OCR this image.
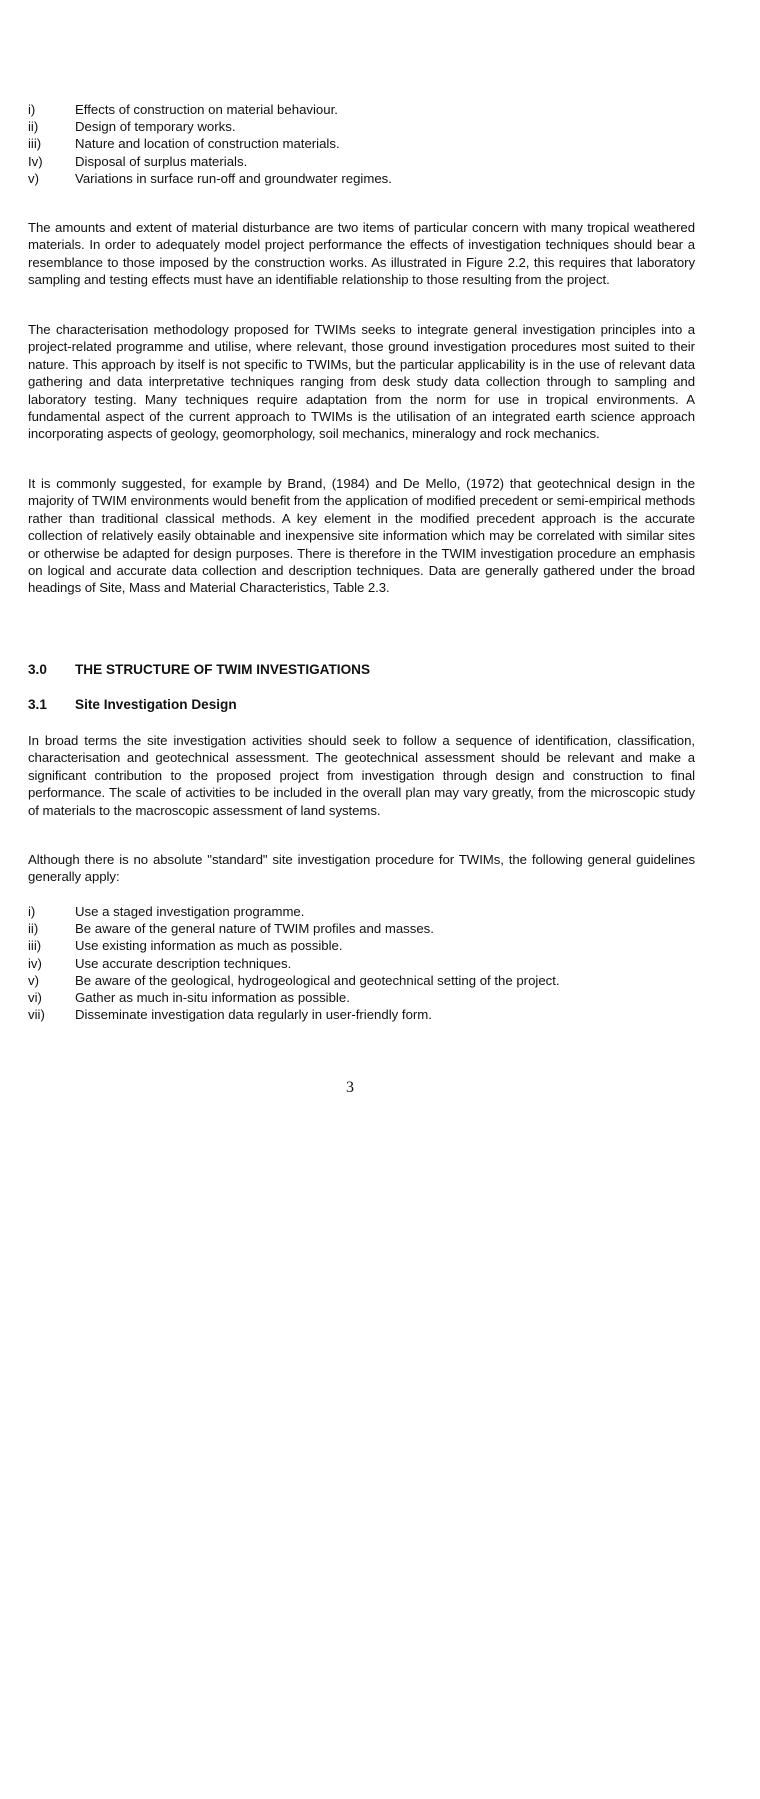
i)	Effects of construction on material behaviour.
ii)	Design of temporary works.
iii)	Nature and location of construction materials.
Iv)	Disposal of surplus materials.
v)	Variations in surface run-off and groundwater regimes.

The amounts and extent of material disturbance are two items of particular concern with many tropical weathered materials. In order to adequately model project performance the effects of investigation techniques should bear a resemblance to those imposed by the construction works. As illustrated in Figure 2.2, this requires that laboratory sampling and testing effects must have an identifiable relationship to those resulting from the project.

The characterisation methodology proposed for TWIMs seeks to integrate general investigation principles into a project-related programme and utilise, where relevant, those ground investigation procedures most suited to their nature. This approach by itself is not specific to TWIMs, but the particular applicability is in the use of relevant data gathering and data interpretative techniques ranging from desk study data collection through to sampling and laboratory testing. Many techniques require adaptation from the norm for use in tropical environments. A fundamental aspect of the current approach to TWIMs is the utilisation of an integrated earth science approach incorporating aspects of geology, geomorphology, soil mechanics, mineralogy and rock mechanics.

It is commonly suggested, for example by Brand, (1984) and De Mello, (1972) that geotechnical design in the majority of TWIM environments would benefit from the application of modified precedent or semi-empirical methods rather than traditional classical methods. A key element in the modified precedent approach is the accurate collection of relatively easily obtainable and inexpensive site information which may be correlated with similar sites or otherwise be adapted for design purposes. There is therefore in the TWIM investigation procedure an emphasis on logical and accurate data collection and description techniques. Data are generally gathered under the broad headings of Site, Mass and Material Characteristics, Table 2.3.

3.0	THE STRUCTURE OF TWIM INVESTIGATIONS
3.1	Site Investigation Design

In broad terms the site investigation activities should seek to follow a sequence of identification, classification, characterisation and geotechnical assessment. The geotechnical assessment should be relevant and make a significant contribution to the proposed project from investigation through design and construction to final performance. The scale of activities to be included in the overall plan may vary greatly, from the microscopic study of materials to the macroscopic assessment of land systems.

Although there is no absolute "standard" site investigation procedure for TWIMs, the following general guidelines generally apply:

i)	Use a staged investigation programme.
ii)	Be aware of the general nature of TWIM profiles and masses.
iii)	Use existing information as much as possible.
iv)	Use accurate description techniques.
v)	Be aware of the geological, hydrogeological and geotechnical setting of the project.
vi)	Gather as much in-situ information as possible.
vii)	Disseminate investigation data regularly in user-friendly form.
3
